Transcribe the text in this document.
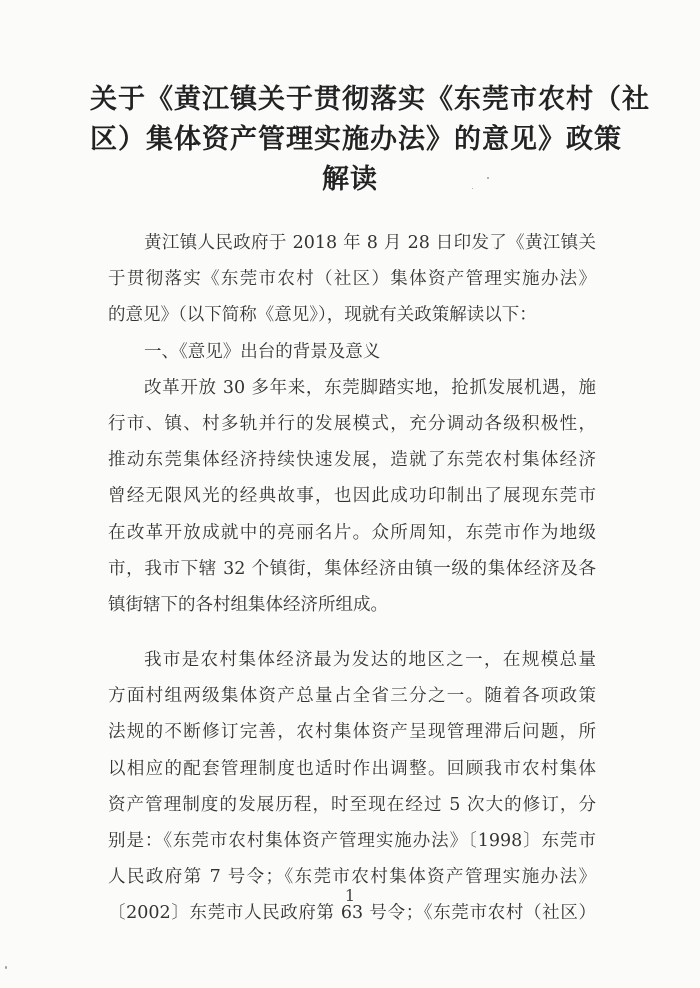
关于《黄江镇关于贯彻落实《东莞市农村（社
区）集体资产管理实施办法》的意见》政策
解读
黄江镇人民政府于 2018 年 8 月 28 日印发了《黄江镇关
于贯彻落实《东莞市农村（社区）集体资产管理实施办法》
的意见》（以下简称《意见》），现就有关政策解读以下：
一、《意见》出台的背景及意义
改革开放 30 多年来，东莞脚踏实地，抢抓发展机遇，施
行市、镇、村多轨并行的发展模式，充分调动各级积极性，
推动东莞集体经济持续快速发展，造就了东莞农村集体经济
曾经无限风光的经典故事，也因此成功印制出了展现东莞市
在改革开放成就中的亮丽名片。众所周知，东莞市作为地级
市，我市下辖 32 个镇街，集体经济由镇一级的集体经济及各
镇街辖下的各村组集体经济所组成。
我市是农村集体经济最为发达的地区之一，在规模总量
方面村组两级集体资产总量占全省三分之一。随着各项政策
法规的不断修订完善，农村集体资产呈现管理滞后问题，所
以相应的配套管理制度也适时作出调整。回顾我市农村集体
资产管理制度的发展历程，时至现在经过 5 次大的修订，分
别是：《东莞市农村集体资产管理实施办法》〔1998〕东莞市
人民政府第 7 号令；《东莞市农村集体资产管理实施办法》
〔2002〕东莞市人民政府第 63 号令；《东莞市农村（社区）
1
